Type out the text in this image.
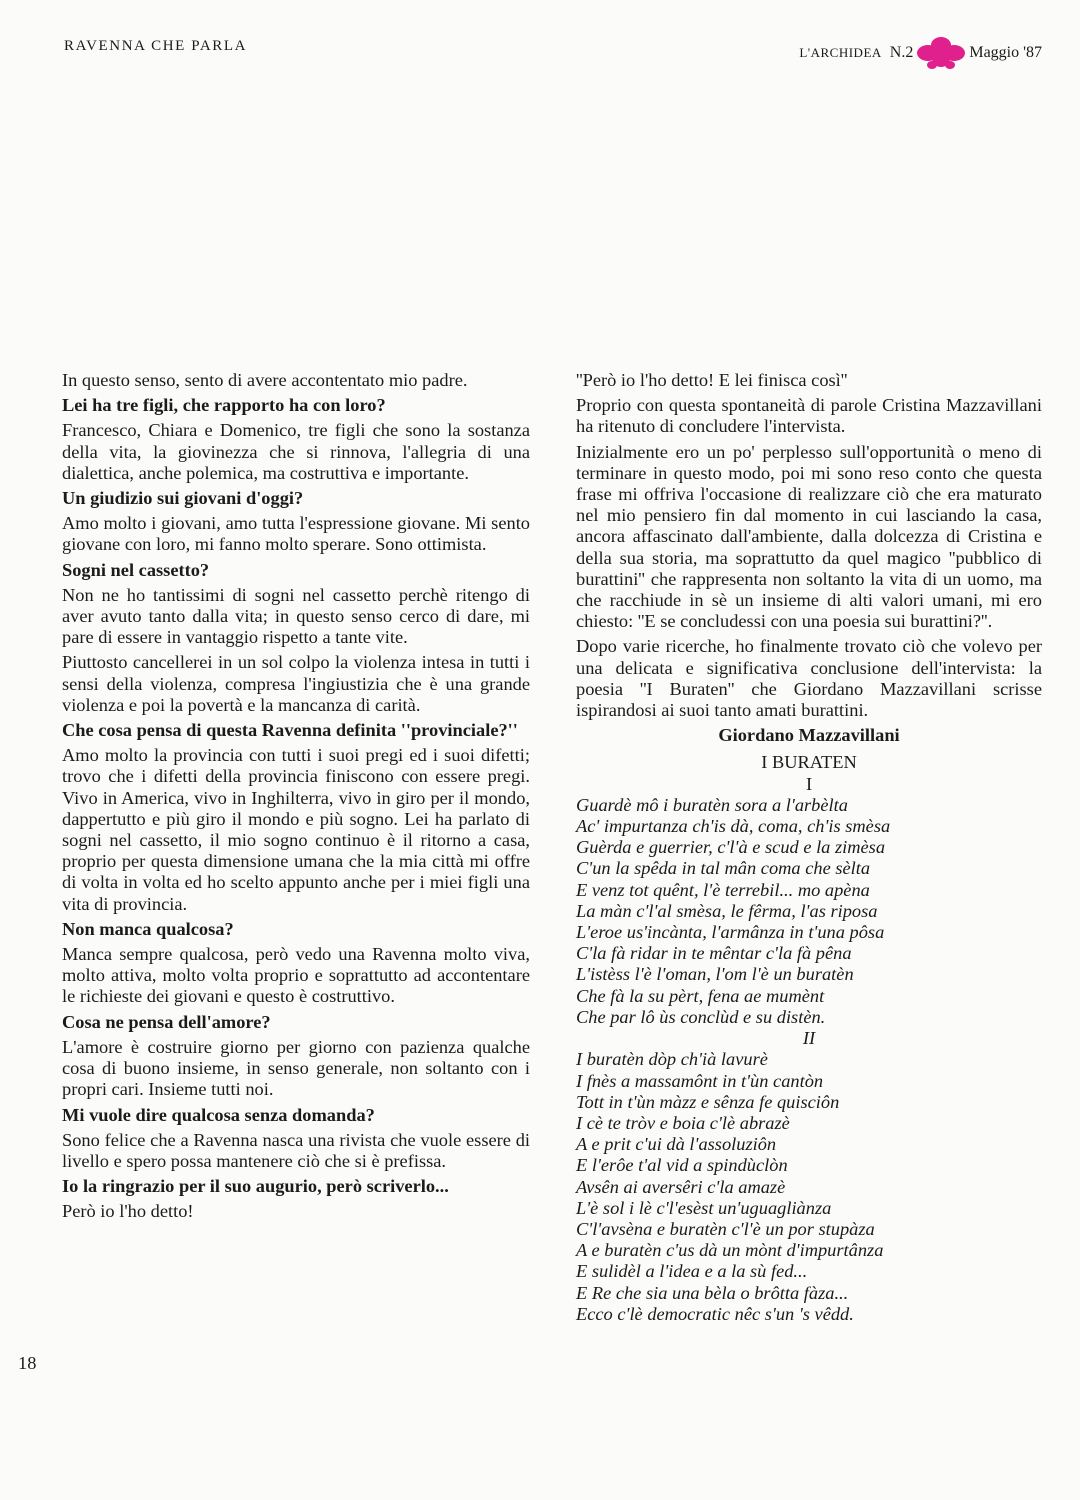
RAVENNA CHE PARLA	L'ARCHIDEA N.2	Maggio '87
In questo senso, sento di avere accontentato mio padre.
Lei ha tre figli, che rapporto ha con loro?
Francesco, Chiara e Domenico, tre figli che sono la sostanza della vita, la giovinezza che si rinnova, l'allegria di una dialettica, anche polemica, ma costruttiva e importante.
Un giudizio sui giovani d'oggi?
Amo molto i giovani, amo tutta l'espressione giovane. Mi sento giovane con loro, mi fanno molto sperare. Sono ottimista.
Sogni nel cassetto?
Non ne ho tantissimi di sogni nel cassetto perchè ritengo di aver avuto tanto dalla vita; in questo senso cerco di dare, mi pare di essere in vantaggio rispetto a tante vite.
Piuttosto cancellerei in un sol colpo la violenza intesa in tutti i sensi della violenza, compresa l'ingiustizia che è una grande violenza e poi la povertà e la mancanza di carità.
Che cosa pensa di questa Ravenna definita ''provinciale?''
Amo molto la provincia con tutti i suoi pregi ed i suoi difetti; trovo che i difetti della provincia finiscono con essere pregi. Vivo in America, vivo in Inghilterra, vivo in giro per il mondo, dappertutto e più giro il mondo e più sogno. Lei ha parlato di sogni nel cassetto, il mio sogno continuo è il ritorno a casa, proprio per questa dimensione umana che la mia città mi offre di volta in volta ed ho scelto appunto anche per i miei figli una vita di provincia.
Non manca qualcosa?
Manca sempre qualcosa, però vedo una Ravenna molto viva, molto attiva, molto volta proprio e soprattutto ad accontentare le richieste dei giovani e questo è costruttivo.
Cosa ne pensa dell'amore?
L'amore è costruire giorno per giorno con pazienza qualche cosa di buono insieme, in senso generale, non soltanto con i propri cari. Insieme tutti noi.
Mi vuole dire qualcosa senza domanda?
Sono felice che a Ravenna nasca una rivista che vuole essere di livello e spero possa mantenere ciò che si è prefissa.
Io la ringrazio per il suo augurio, però scriverlo...
Però io l'ho detto!
''Però io l'ho detto! E lei finisca così''
Proprio con questa spontaneità di parole Cristina Mazzavillani ha ritenuto di concludere l'intervista.
Inizialmente ero un po' perplesso sull'opportunità o meno di terminare in questo modo, poi mi sono reso conto che questa frase mi offriva l'occasione di realizzare ciò che era maturato nel mio pensiero fin dal momento in cui lasciando la casa, ancora affascinato dall'ambiente, dalla dolcezza di Cristina e della sua storia, ma soprattutto da quel magico ''pubblico di burattini'' che rappresenta non soltanto la vita di un uomo, ma che racchiude in sè un insieme di alti valori umani, mi ero chiesto: ''E se concludessi con una poesia sui burattini?''.
Dopo varie ricerche, ho finalmente trovato ciò che volevo per una delicata e significativa conclusione dell'intervista: la poesia ''I Buraten'' che Giordano Mazzavillani scrisse ispirandosi ai suoi tanto amati burattini.
Giordano Mazzavillani
I BURATEN
I
Guardè mô i buratèn sora a l'arbèlta
Ac' impurtanza ch'is dà, coma, ch'is smèsa
Guèrda e guerrier, c'l'à e scud e la zimèsa
C'un la spêda in tal mân coma che sèlta
E venz tot quênt, l'è terrebil... mo apèna
La màn c'l'al smèsa, le fêrma, l'as riposa
L'eroe us'incànta, l'armânza in t'una pôsa
C'la fà ridar in te mêntar c'la fà pêna
L'istèss l'è l'oman, l'om l'è un buratèn
Che fà la su pèrt, fena ae mumènt
Che par lô ùs conclùd e su distèn.
II
I buratèn dòp ch'ià lavurè
I fnès a massamônt in t'ùn cantòn
Tott in t'ùn màzz e sênza fe quisciôn
I cè te tròv e boia c'lè abrazè
A e prit c'ui dà l'assoluziôn
E l'erôe t'al vid a spindùclòn
Avsên ai aversêri c'la amazè
L'è sol i lè c'l'esèst un'uguagliànza
C'l'avsèna e buratèn c'l'è un por stupàza
A e buratèn c'us dà un mònt d'impurtânza
E sulidèl a l'idea e a la sù fed...
E Re che sia una bèla o brôtta fàza...
Ecco c'lè democratic nêc s'un 's vêdd.
18
